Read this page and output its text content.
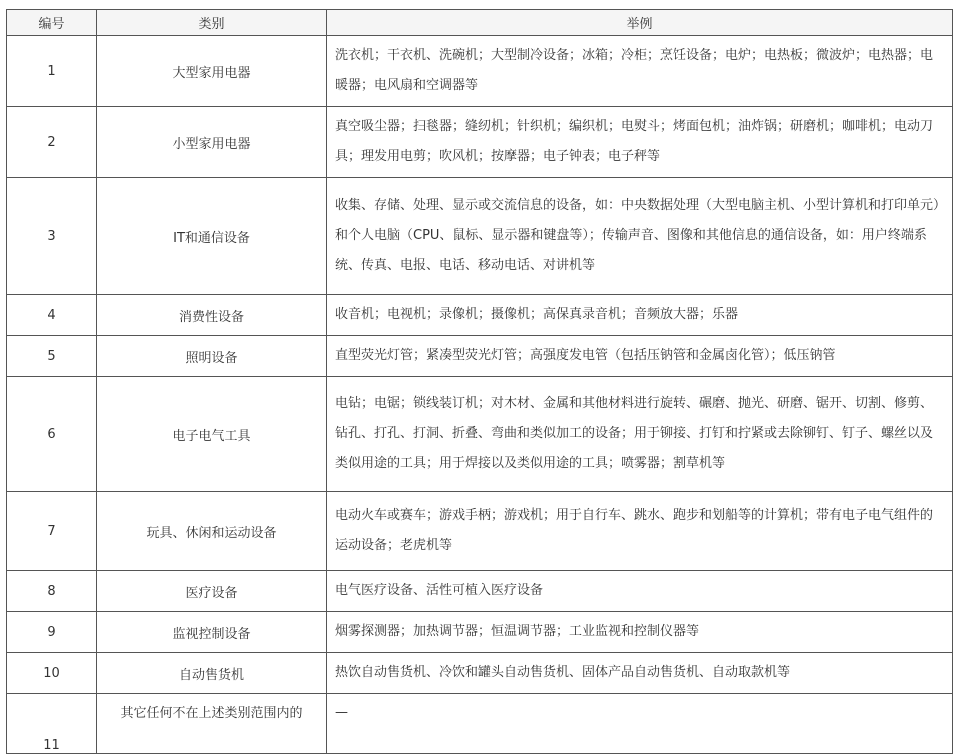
编号	类别	举例
1	大型家用电器	洗衣机；干衣机、洗碗机；大型制冷设备；冰箱；冷柜；烹饪设备；电炉；电热板；微波炉；电热器；电暖器；电风扇和空调器等
2	小型家用电器	真空吸尘器；扫毯器；缝纫机；针织机；编织机；电熨斗；烤面包机；油炸锅；研磨机；咖啡机；电动刀具；理发用电剪；吹风机；按摩器；电子钟表；电子秤等
3	IT和通信设备	收集、存储、处理、显示或交流信息的设备，如：中央数据处理（大型电脑主机、小型计算机和打印单元）和个人电脑（CPU、鼠标、显示器和键盘等）；传输声音、图像和其他信息的通信设备，如：用户终端系统、传真、电报、电话、移动电话、对讲机等
4	消费性设备	收音机；电视机；录像机；摄像机；高保真录音机；音频放大器；乐器
5	照明设备	直型荧光灯管；紧凑型荧光灯管；高强度发电管（包括压钠管和金属卤化管）；低压钠管
6	电子电气工具	电钻；电锯；锁线装订机；对木材、金属和其他材料进行旋转、碾磨、抛光、研磨、锯开、切割、修剪、钻孔、打孔、打洞、折叠、弯曲和类似加工的设备；用于铆接、打钉和拧紧或去除铆钉、钉子、螺丝以及类似用途的工具；用于焊接以及类似用途的工具；喷雾器；割草机等
7	玩具、休闲和运动设备	电动火车或赛车；游戏手柄；游戏机；用于自行车、跳水、跑步和划船等的计算机；带有电子电气组件的运动设备；老虎机等
8	医疗设备	电气医疗设备、活性可植入医疗设备
9	监视控制设备	烟雾探测器；加热调节器；恒温调节器；工业监视和控制仪器等
10	自动售货机	热饮自动售货机、冷饮和罐头自动售货机、固体产品自动售货机、自动取款机等
11	其它任何不在上述类别范围内的	—
